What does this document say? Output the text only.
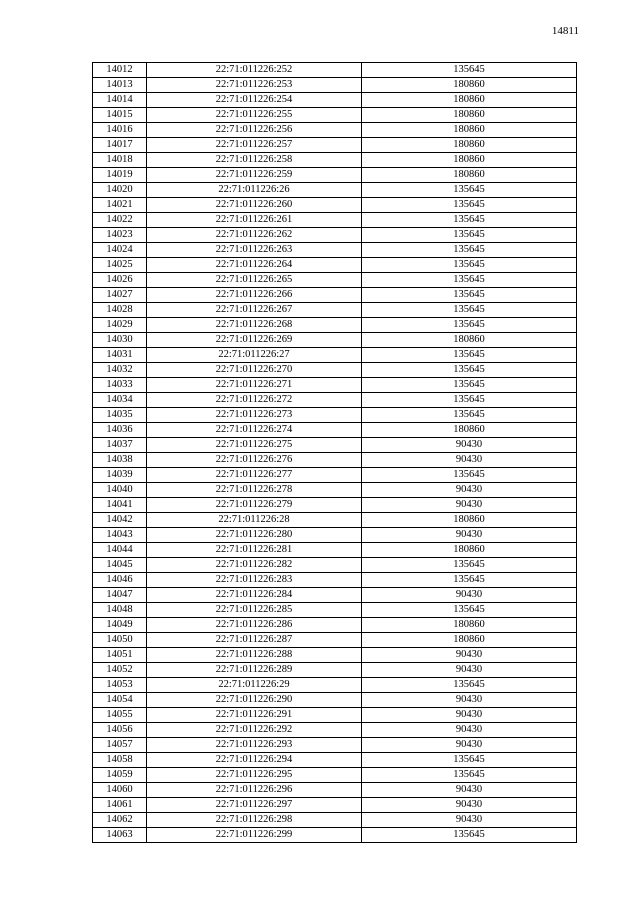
14811
14012	22:71:011226:252	135645
14013	22:71:011226:253	180860
14014	22:71:011226:254	180860
14015	22:71:011226:255	180860
14016	22:71:011226:256	180860
14017	22:71:011226:257	180860
14018	22:71:011226:258	180860
14019	22:71:011226:259	180860
14020	22:71:011226:26	135645
14021	22:71:011226:260	135645
14022	22:71:011226:261	135645
14023	22:71:011226:262	135645
14024	22:71:011226:263	135645
14025	22:71:011226:264	135645
14026	22:71:011226:265	135645
14027	22:71:011226:266	135645
14028	22:71:011226:267	135645
14029	22:71:011226:268	135645
14030	22:71:011226:269	180860
14031	22:71:011226:27	135645
14032	22:71:011226:270	135645
14033	22:71:011226:271	135645
14034	22:71:011226:272	135645
14035	22:71:011226:273	135645
14036	22:71:011226:274	180860
14037	22:71:011226:275	90430
14038	22:71:011226:276	90430
14039	22:71:011226:277	135645
14040	22:71:011226:278	90430
14041	22:71:011226:279	90430
14042	22:71:011226:28	180860
14043	22:71:011226:280	90430
14044	22:71:011226:281	180860
14045	22:71:011226:282	135645
14046	22:71:011226:283	135645
14047	22:71:011226:284	90430
14048	22:71:011226:285	135645
14049	22:71:011226:286	180860
14050	22:71:011226:287	180860
14051	22:71:011226:288	90430
14052	22:71:011226:289	90430
14053	22:71:011226:29	135645
14054	22:71:011226:290	90430
14055	22:71:011226:291	90430
14056	22:71:011226:292	90430
14057	22:71:011226:293	90430
14058	22:71:011226:294	135645
14059	22:71:011226:295	135645
14060	22:71:011226:296	90430
14061	22:71:011226:297	90430
14062	22:71:011226:298	90430
14063	22:71:011226:299	135645
